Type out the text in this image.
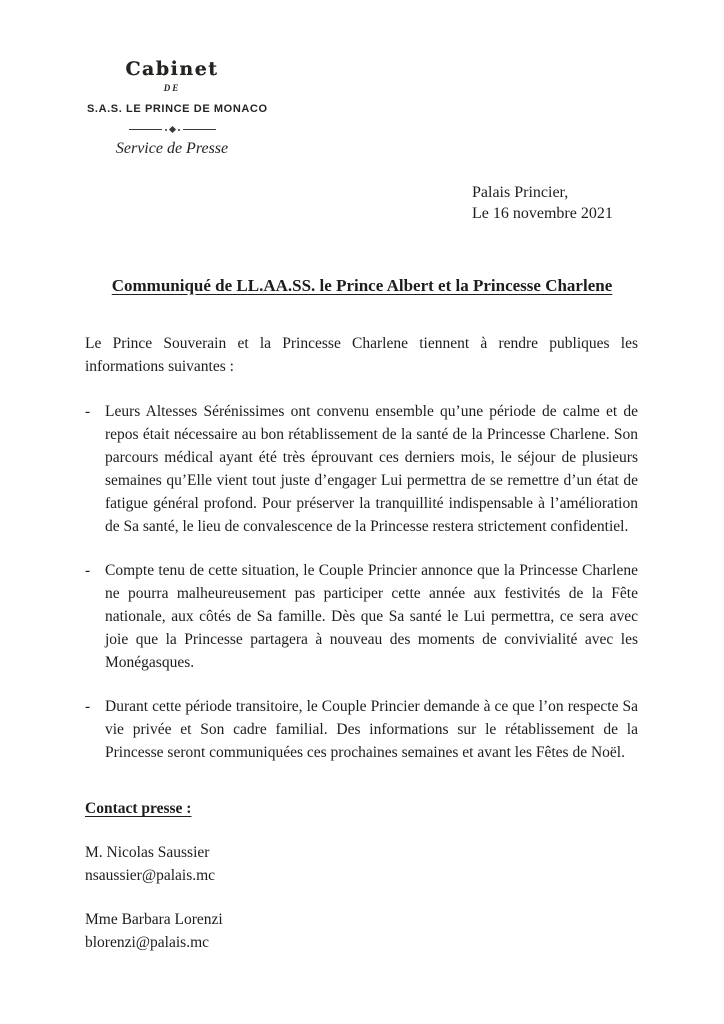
Cabinet
DE
S.A.S. LE PRINCE DE MONACO
Service de Presse
Palais Princier,
Le 16 novembre 2021
Communiqué de LL.AA.SS. le Prince Albert et la Princesse Charlene

Le Prince Souverain et la Princesse Charlene tiennent à rendre publiques les informations suivantes :

- Leurs Altesses Sérénissimes ont convenu ensemble qu’une période de calme et de repos était nécessaire au bon rétablissement de la santé de la Princesse Charlene. Son parcours médical ayant été très éprouvant ces derniers mois, le séjour de plusieurs semaines qu’Elle vient tout juste d’engager Lui permettra de se remettre d’un état de fatigue général profond. Pour préserver la tranquillité indispensable à l’amélioration de Sa santé, le lieu de convalescence de la Princesse restera strictement confidentiel.
- Compte tenu de cette situation, le Couple Princier annonce que la Princesse Charlene ne pourra malheureusement pas participer cette année aux festivités de la Fête nationale, aux côtés de Sa famille. Dès que Sa santé le Lui permettra, ce sera avec joie que la Princesse partagera à nouveau des moments de convivialité avec les Monégasques.
- Durant cette période transitoire, le Couple Princier demande à ce que l’on respecte Sa vie privée et Son cadre familial. Des informations sur le rétablissement de la Princesse seront communiquées ces prochaines semaines et avant les Fêtes de Noël.
Contact presse :
M. Nicolas Saussier
nsaussier@palais.mc
Mme Barbara Lorenzi
blorenzi@palais.mc
